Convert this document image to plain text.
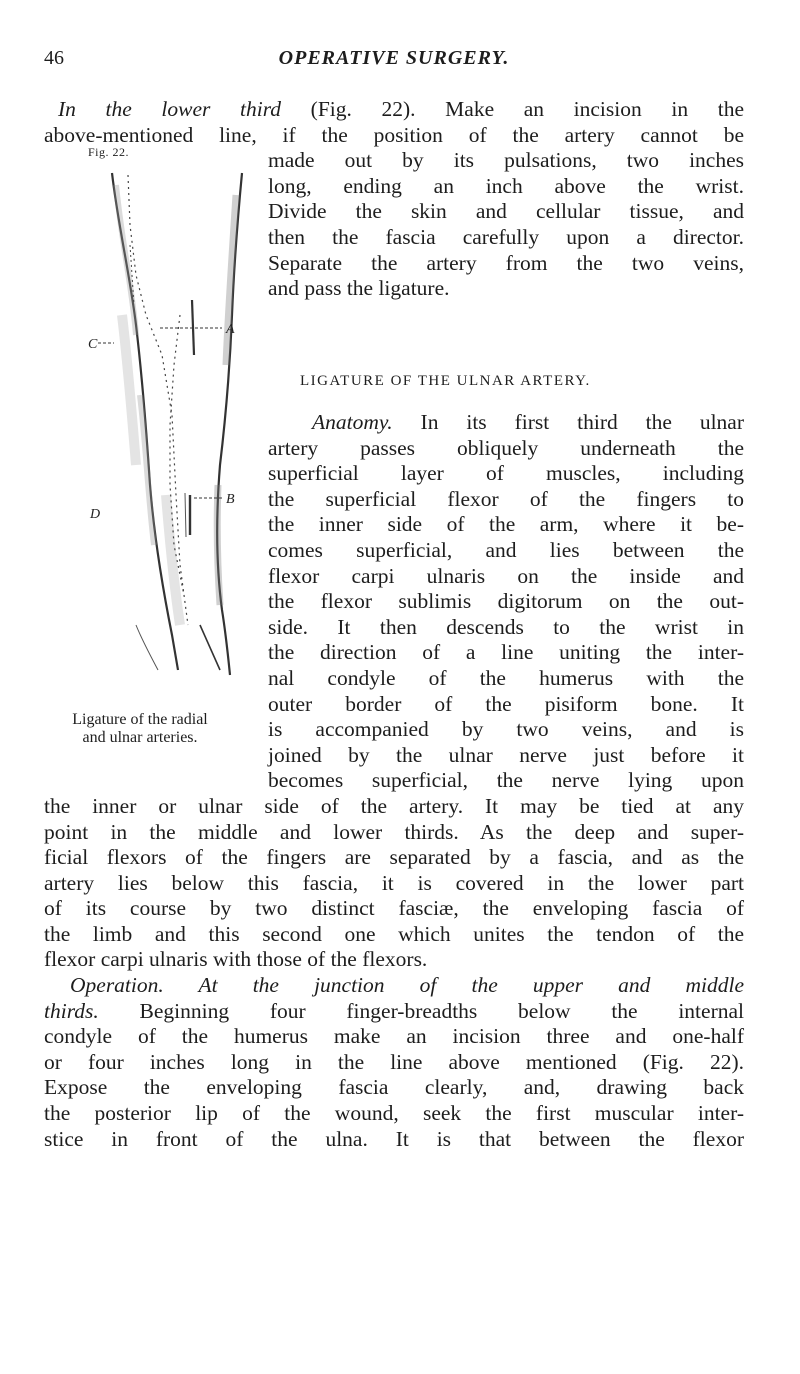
46	OPERATIVE SURGERY.
Fig. 22.
A
B
C
D
Ligature of the radial
and ulnar arteries.
In the lower third (Fig. 22). Make an incision in the
above-mentioned line, if the position of the artery cannot be
made out by its pulsations, two inches
long, ending an inch above the wrist.
Divide the skin and cellular tissue, and
then the fascia carefully upon a director.
Separate the artery from the two veins,
and pass the ligature.
LIGATURE OF THE ULNAR ARTERY.
Anatomy. In its first third the ulnar
artery passes obliquely underneath the
superficial layer of muscles, including
the superficial flexor of the fingers to
the inner side of the arm, where it be-
comes superficial, and lies between the
flexor carpi ulnaris on the inside and
the flexor sublimis digitorum on the out-
side. It then descends to the wrist in
the direction of a line uniting the inter-
nal condyle of the humerus with the
outer border of the pisiform bone. It
is accompanied by two veins, and is
joined by the ulnar nerve just before it
becomes superficial, the nerve lying upon
the inner or ulnar side of the artery. It may be tied at any
point in the middle and lower thirds. As the deep and super-
ficial flexors of the fingers are separated by a fascia, and as the
artery lies below this fascia, it is covered in the lower part
of its course by two distinct fasciæ, the enveloping fascia of
the limb and this second one which unites the tendon of the
flexor carpi ulnaris with those of the flexors.
Operation. At the junction of the upper and middle
thirds. Beginning four finger-breadths below the internal
condyle of the humerus make an incision three and one-half
or four inches long in the line above mentioned (Fig. 22).
Expose the enveloping fascia clearly, and, drawing back
the posterior lip of the wound, seek the first muscular inter-
stice in front of the ulna. It is that between the flexor
